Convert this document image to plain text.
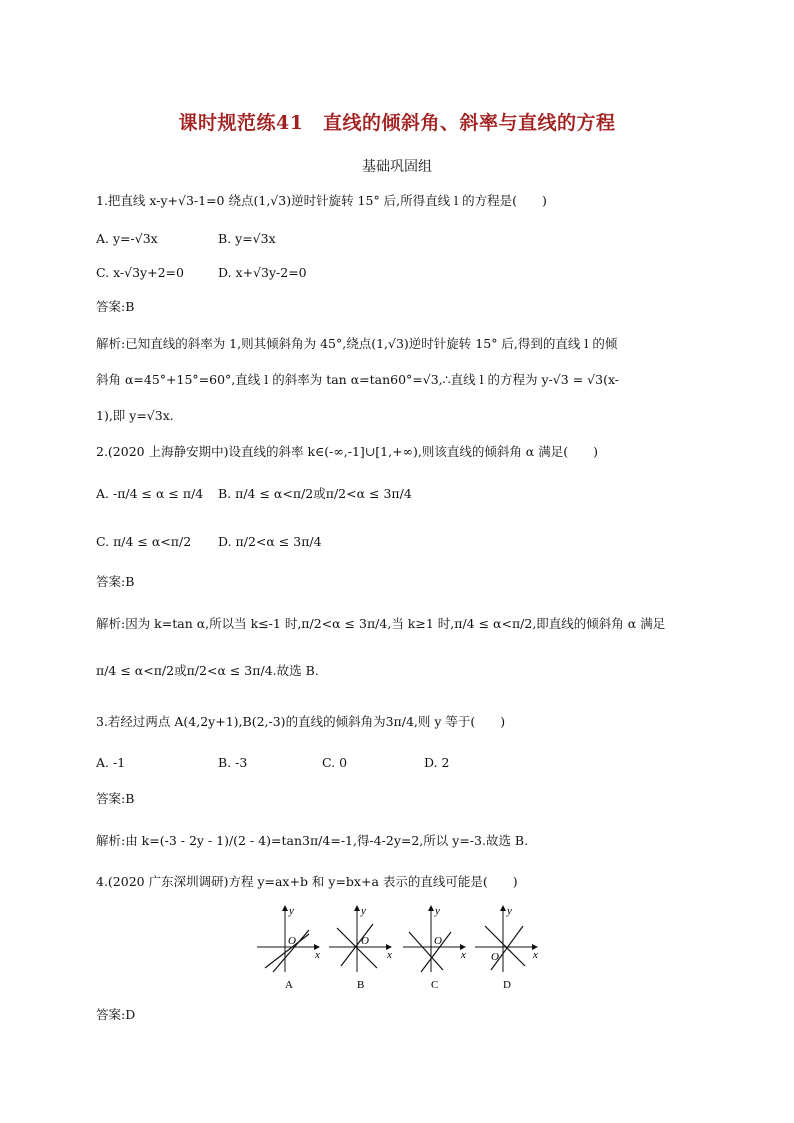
课时规范练41　直线的倾斜角、斜率与直线的方程
基础巩固组
1.把直线 x-y+√3-1=0 绕点(1,√3)逆时针旋转 15° 后,所得直线 l 的方程是(　　)
A. y=-√3x	B. y=√3x
C. x-√3y+2=0	D. x+√3y-2=0
答案:B
解析:已知直线的斜率为 1,则其倾斜角为 45°,绕点(1,√3)逆时针旋转 15° 后,得到的直线 l 的倾
斜角 α=45°+15°=60°,直线 l 的斜率为 tan α=tan60°=√3,∴直线 l 的方程为 y-√3 = √3(x-
1),即 y=√3x.
2.(2020 上海静安期中)设直线的斜率 k∈(-∞,-1]∪[1,+∞),则该直线的倾斜角 α 满足(　　)
A. -π/4 ≤ α ≤ π/4 B. π/4 ≤ α<π/2或π/2<α ≤ 3π/4
C. π/4 ≤ α<π/2 D. π/2<α ≤ 3π/4
答案:B
解析:因为 k=tan α,所以当 k≤-1 时,π/2<α ≤ 3π/4,当 k≥1 时,π/4 ≤ α<π/2,即直线的倾斜角 α 满足
π/4 ≤ α<π/2或π/2<α ≤ 3π/4.故选 B.
3.若经过两点 A(4,2y+1),B(2,-3)的直线的倾斜角为3π/4,则 y 等于(　　)
A. -1	B. -3	C. 0	D. 2
答案:B
解析:由 k=(-3 - 2y - 1)/(2 - 4)=tan3π/4=-1,得-4-2y=2,所以 y=-3.故选 B.
4.(2020 广东深圳调研)方程 y=ax+b 和 y=bx+a 表示的直线可能是(　　)
y
x
O
A
y
x
O
B
y
x
O
C
y
x
O
D
答案:D
